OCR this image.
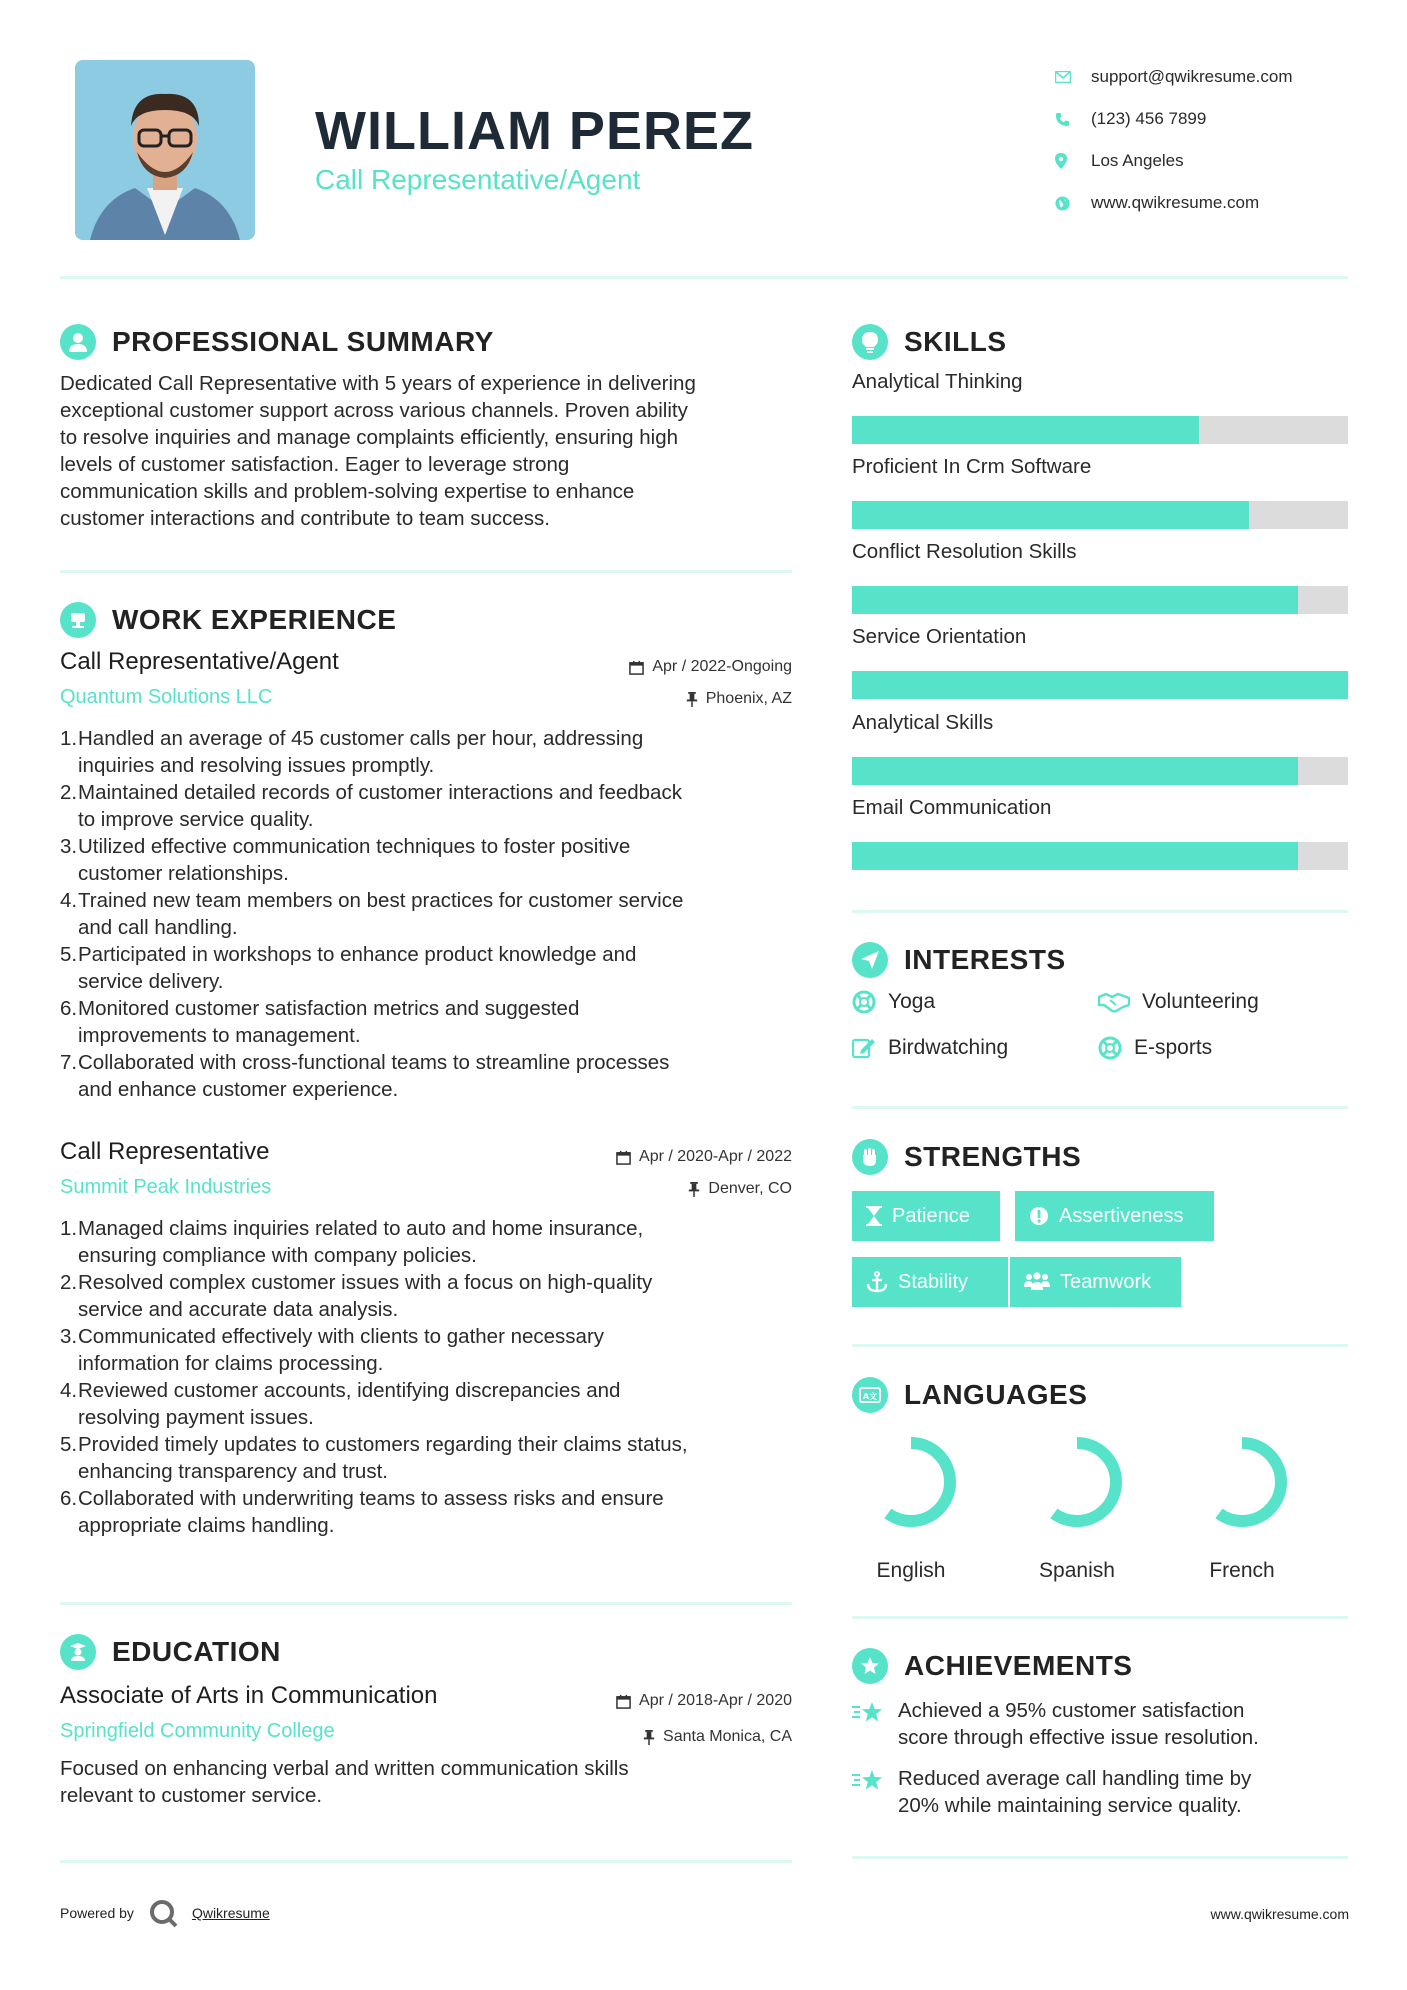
WILLIAM PEREZ
Call Representative/Agent
support@qwikresume.com
(123) 456 7899
Los Angeles
www.qwikresume.com
PROFESSIONAL SUMMARY
Dedicated Call Representative with 5 years of experience in delivering
exceptional customer support across various channels. Proven ability
to resolve inquiries and manage complaints efficiently, ensuring high
levels of customer satisfaction. Eager to leverage strong
communication skills and problem-solving expertise to enhance
customer interactions and contribute to team success.
WORK EXPERIENCE
Call Representative/Agent
Quantum Solutions LLC
Apr / 2022-Ongoing
Phoenix, AZ
1. Handled an average of 45 customer calls per hour, addressing
inquiries and resolving issues promptly.
2. Maintained detailed records of customer interactions and feedback
to improve service quality.
3. Utilized effective communication techniques to foster positive
customer relationships.
4. Trained new team members on best practices for customer service
and call handling.
5. Participated in workshops to enhance product knowledge and
service delivery.
6. Monitored customer satisfaction metrics and suggested
improvements to management.
7. Collaborated with cross-functional teams to streamline processes
and enhance customer experience.
Call Representative
Summit Peak Industries
Apr / 2020-Apr / 2022
Denver, CO
1. Managed claims inquiries related to auto and home insurance,
ensuring compliance with company policies.
2. Resolved complex customer issues with a focus on high-quality
service and accurate data analysis.
3. Communicated effectively with clients to gather necessary
information for claims processing.
4. Reviewed customer accounts, identifying discrepancies and
resolving payment issues.
5. Provided timely updates to customers regarding their claims status,
enhancing transparency and trust.
6. Collaborated with underwriting teams to assess risks and ensure
appropriate claims handling.
EDUCATION
Associate of Arts in Communication
Springfield Community College
Apr / 2018-Apr / 2020
Santa Monica, CA
Focused on enhancing verbal and written communication skills
relevant to customer service.
SKILLS
Analytical Thinking
Proficient In Crm Software
Conflict Resolution Skills
Service Orientation
Analytical Skills
Email Communication
INTERESTS
Yoga	Volunteering
Birdwatching	E-sports
STRENGTHS
Patience	Assertiveness
Stability	Teamwork
A文 LANGUAGES
English	Spanish	French
ACHIEVEMENTS
Achieved a 95% customer satisfaction
score through effective issue resolution.
Reduced average call handling time by
20% while maintaining service quality.
Powered by	Qwikresume	www.qwikresume.com
